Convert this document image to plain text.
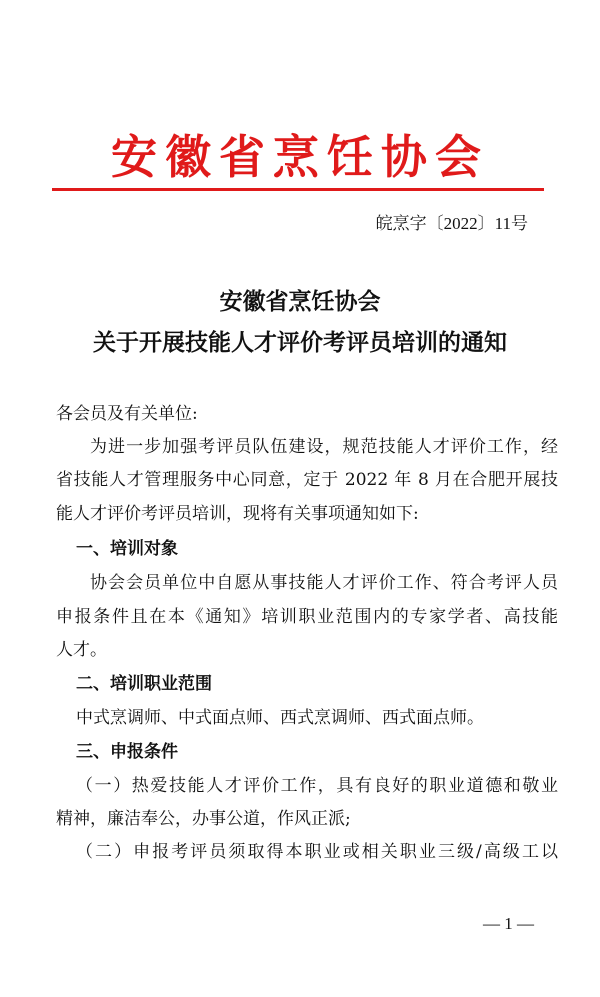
安徽省烹饪协会
皖烹字〔2022〕11号
安徽省烹饪协会
关于开展技能人才评价考评员培训的通知
各会员及有关单位:
为进一步加强考评员队伍建设，规范技能人才评价工作，经
省技能人才管理服务中心同意，定于 2022 年 8 月在合肥开展技
能人才评价考评员培训，现将有关事项通知如下:
一、培训对象
协会会员单位中自愿从事技能人才评价工作、符合考评人员
申报条件且在本《通知》培训职业范围内的专家学者、高技能
人才。
二、培训职业范围
中式烹调师、中式面点师、西式烹调师、西式面点师。
三、申报条件
（一）热爱技能人才评价工作，具有良好的职业道德和敬业
精神，廉洁奉公，办事公道，作风正派;
（二）申报考评员须取得本职业或相关职业三级/高级工以
— 1 —
